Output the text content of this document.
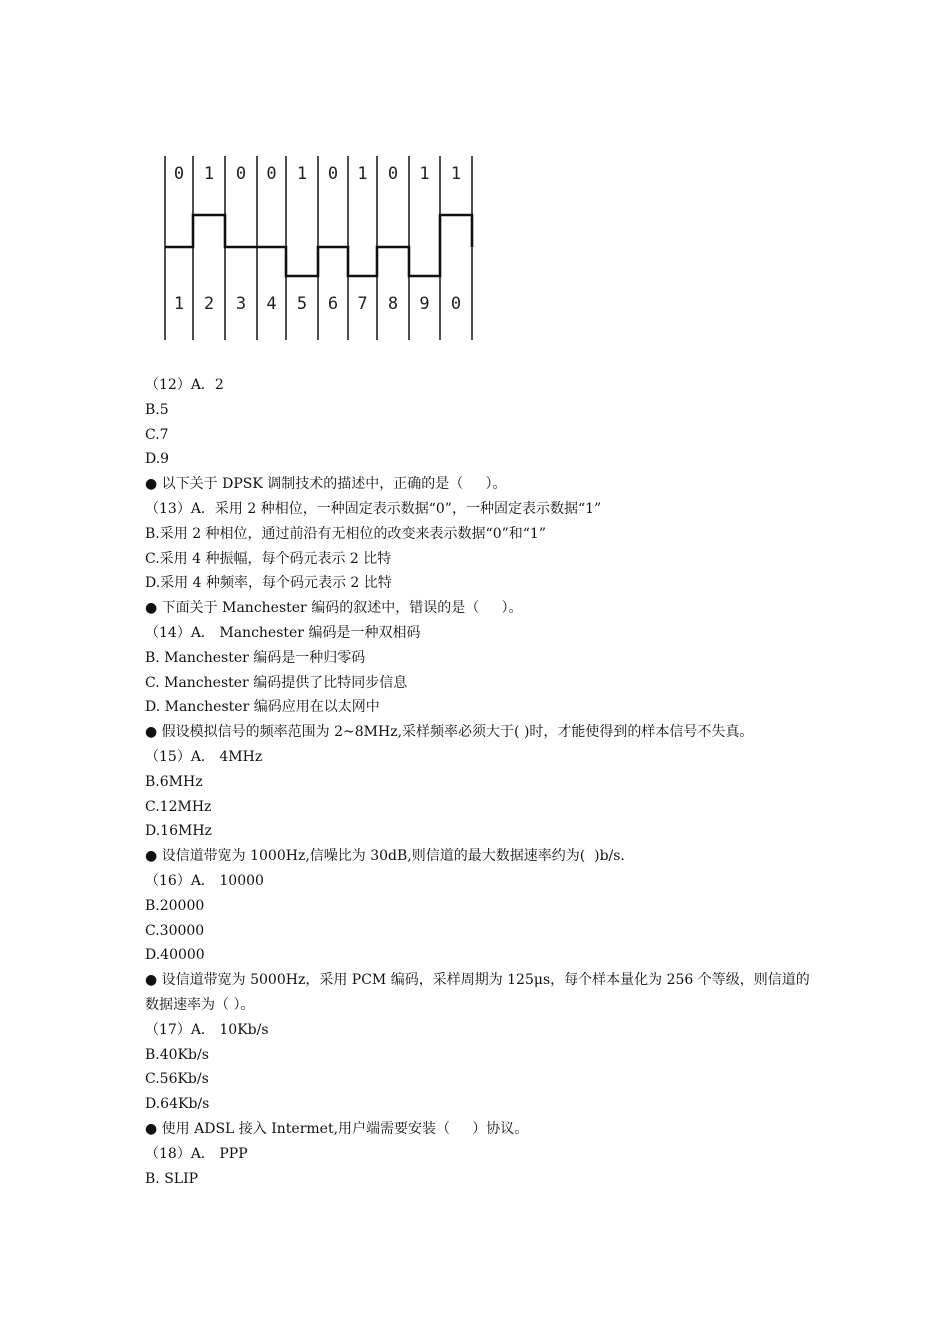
0
1
1
2
0
3
0
4
1
5
0
6
1
7
0
8
1
9
1
0
（12）A．2
B.5
C.7
D.9
● 以下关于 DPSK 调制技术的描述中，正确的是（     ）。
（13）A．采用 2 种相位，一种固定表示数据“0”，一种固定表示数据“1”
B.采用 2 种相位，通过前沿有无相位的改变来表示数据“0”和“1”
C.采用 4 种振幅，每个码元表示 2 比特
D.采用 4 种频率，每个码元表示 2 比特
● 下面关于 Manchester 编码的叙述中，错误的是（     ）。
（14）A． Manchester 编码是一种双相码
B. Manchester 编码是一种归零码
C. Manchester 编码提供了比特同步信息
D. Manchester 编码应用在以太网中
● 假设模拟信号的频率范围为 2~8MHz,采样频率必须大于( )时，才能使得到的样本信号不失真。
（15）A． 4MHz
B.6MHz
C.12MHz
D.16MHz
● 设信道带宽为 1000Hz,信噪比为 30dB,则信道的最大数据速率约为(  )b/s.
（16）A． 10000
B.20000
C.30000
D.40000
● 设信道带宽为 5000Hz，采用 PCM 编码，采样周期为 125μs，每个样本量化为 256 个等级，则信道的数据速率为（ ）。
（17）A． 10Kb/s
B.40Kb/s
C.56Kb/s
D.64Kb/s
● 使用 ADSL 接入 Intermet,用户端需要安装（     ）协议。
（18）A． PPP
B. SLIP
